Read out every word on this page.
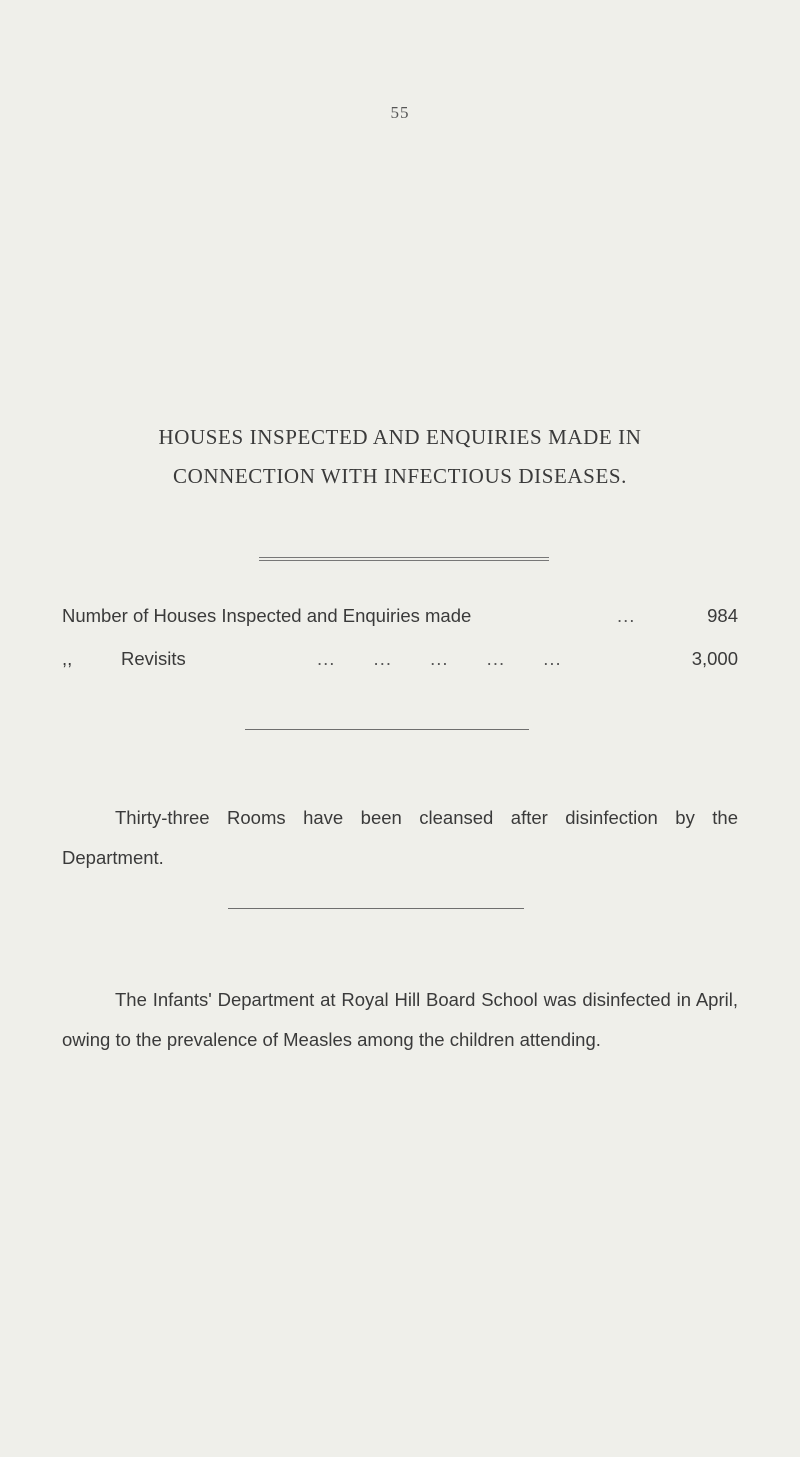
55
HOUSES INSPECTED AND ENQUIRIES MADE IN
CONNECTION WITH INFECTIOUS DISEASES.
Number of Houses Inspected and Enquiries made	...	984
,,	Revisits	... ... ... ... ...	3,000

Thirty-three Rooms have been cleansed after disinfection by the Department.

The Infants' Department at Royal Hill Board School was disinfected in April, owing to the prevalence of Measles among the children attending.
